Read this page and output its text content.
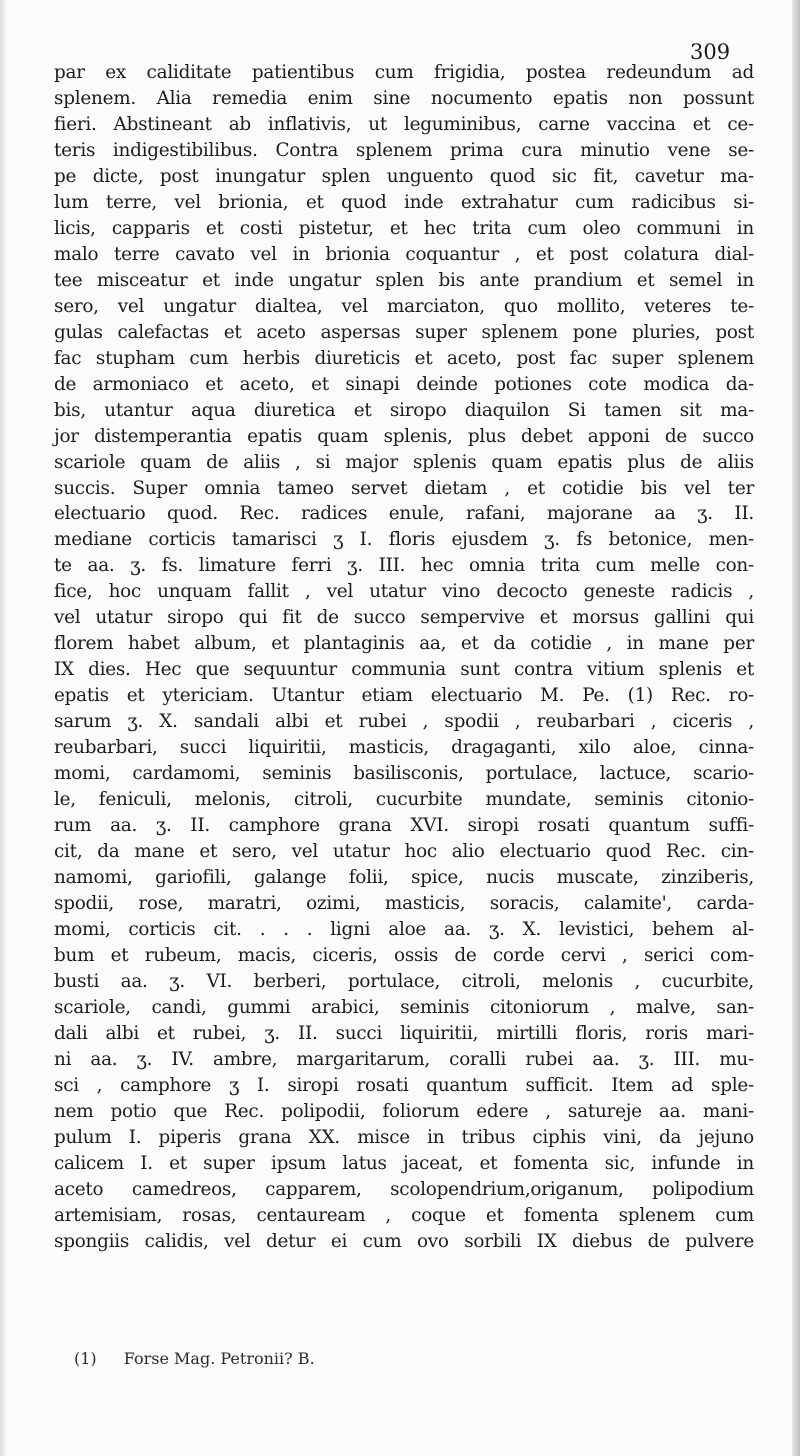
309
par ex caliditate patientibus cum frigidia, postea redeundum ad
splenem. Alia remedia enim sine nocumento epatis non possunt
fieri. Abstineant ab inflativis, ut leguminibus, carne vaccina et ce-
teris indigestibilibus. Contra splenem prima cura minutio vene se-
pe dicte, post inungatur splen unguento quod sic fit, cavetur ma-
lum terre, vel brionia, et quod inde extrahatur cum radicibus si-
licis, capparis et costi pistetur, et hec trita cum oleo communi in
malo terre cavato vel in brionia coquantur , et post colatura dial-
tee misceatur et inde ungatur splen bis ante prandium et semel in
sero, vel ungatur dialtea, vel marciaton, quo mollito, veteres te-
gulas calefactas et aceto aspersas super splenem pone pluries, post
fac stupham cum herbis diureticis et aceto, post fac super splenem
de armoniaco et aceto, et sinapi deinde potiones cote modica da-
bis, utantur aqua diuretica et siropo diaquilon Si tamen sit ma-
jor distemperantia epatis quam splenis, plus debet apponi de succo
scariole quam de aliis , si major splenis quam epatis plus de aliis
succis. Super omnia tameo servet dietam , et cotidie bis vel ter
electuario quod. Rec. radices enule, rafani, majorane aa ʒ. II.
mediane corticis tamarisci ʒ I. floris ejusdem ʒ. fs betonice, men-
te aa. ʒ. fs. limature ferri ʒ. III. hec omnia trita cum melle con-
fice, hoc unquam fallit , vel utatur vino decocto geneste radicis ,
vel utatur siropo qui fit de succo sempervive et morsus gallini qui
florem habet album, et plantaginis aa, et da cotidie , in mane per
IX dies. Hec que sequuntur communia sunt contra vitium splenis et
epatis et ytericiam. Utantur etiam electuario M. Pe. (1) Rec. ro-
sarum ʒ. X. sandali albi et rubei , spodii , reubarbari , ciceris ,
reubarbari, succi liquiritii, masticis, dragaganti, xilo aloe, cinna-
momi, cardamomi, seminis basilisconis, portulace, lactuce, scario-
le, feniculi, melonis, citroli, cucurbite mundate, seminis citonio-
rum aa. ʒ. II. camphore grana XVI. siropi rosati quantum suffi-
cit, da mane et sero, vel utatur hoc alio electuario quod Rec. cin-
namomi, gariofili, galange folii, spice, nucis muscate, zinziberis,
spodii, rose, maratri, ozimi, masticis, soracis, calamite', carda-
momi, corticis cit. . . . ligni aloe aa. ʒ. X. levistici, behem al-
bum et rubeum, macis, ciceris, ossis de corde cervi , serici com-
busti aa. ʒ. VI. berberi, portulace, citroli, melonis , cucurbite,
scariole, candi, gummi arabici, seminis citoniorum , malve, san-
dali albi et rubei, ʒ. II. succi liquiritii, mirtilli floris, roris mari-
ni aa. ʒ. IV. ambre, margaritarum, coralli rubei aa. ʒ. III. mu-
sci , camphore ʒ I. siropi rosati quantum sufficit. Item ad sple-
nem potio que Rec. polipodii, foliorum edere , satureje aa. mani-
pulum I. piperis grana XX. misce in tribus ciphis vini, da jejuno
calicem I. et super ipsum latus jaceat, et fomenta sic, infunde in
aceto camedreos, capparem, scolopendrium,origanum, polipodium
artemisiam, rosas, centauream , coque et fomenta splenem cum
spongiis calidis, vel detur ei cum ovo sorbili IX diebus de pulvere
(1) Forse Mag. Petronii? B.
